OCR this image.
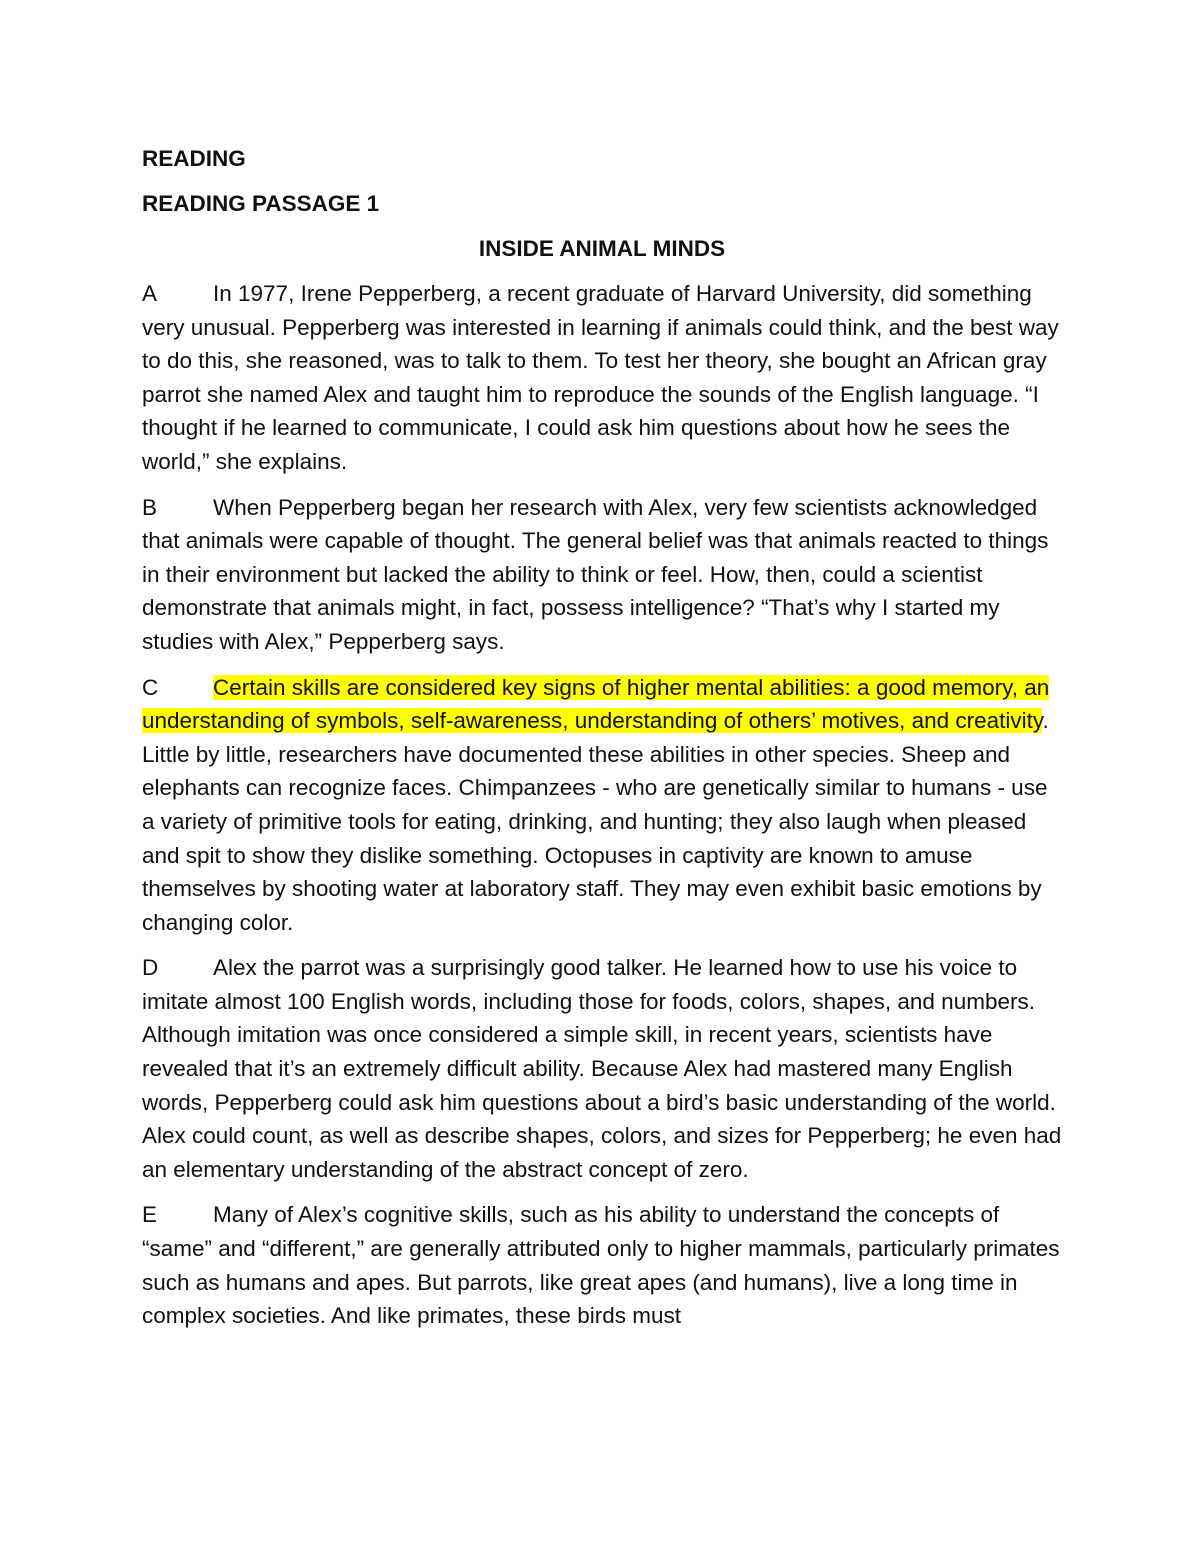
READING
READING PASSAGE 1
INSIDE ANIMAL MINDS

A In 1977, Irene Pepperberg, a recent graduate of Harvard University, did something very unusual. Pepperberg was interested in learning if animals could think, and the best way to do this, she reasoned, was to talk to them. To test her theory, she bought an African gray parrot she named Alex and taught him to reproduce the sounds of the English language. “I thought if he learned to communicate, I could ask him questions about how he sees the world,” she explains.

B When Pepperberg began her research with Alex, very few scientists acknowledged that animals were capable of thought. The general belief was that animals reacted to things in their environment but lacked the ability to think or feel. How, then, could a scientist demonstrate that animals might, in fact, possess intelligence? “That’s why I started my studies with Alex,” Pepperberg says.

C Certain skills are considered key signs of higher mental abilities: a good memory, an understanding of symbols, self-awareness, understanding of others’ motives, and creativity. Little by little, researchers have documented these abilities in other species. Sheep and elephants can recognize faces. Chimpanzees - who are genetically similar to humans - use a variety of primitive tools for eating, drinking, and hunting; they also laugh when pleased and spit to show they dislike something. Octopuses in captivity are known to amuse themselves by shooting water at laboratory staff. They may even exhibit basic emotions by changing color.

D Alex the parrot was a surprisingly good talker. He learned how to use his voice to imitate almost 100 English words, including those for foods, colors, shapes, and numbers. Although imitation was once considered a simple skill, in recent years, scientists have revealed that it’s an extremely difficult ability. Because Alex had mastered many English words, Pepperberg could ask him questions about a bird’s basic understanding of the world. Alex could count, as well as describe shapes, colors, and sizes for Pepperberg; he even had an elementary understanding of the abstract concept of zero.

E Many of Alex’s cognitive skills, such as his ability to understand the concepts of “same” and “different,” are generally attributed only to higher mammals, particularly primates such as humans and apes. But parrots, like great apes (and humans), live a long time in complex societies. And like primates, these birds must
